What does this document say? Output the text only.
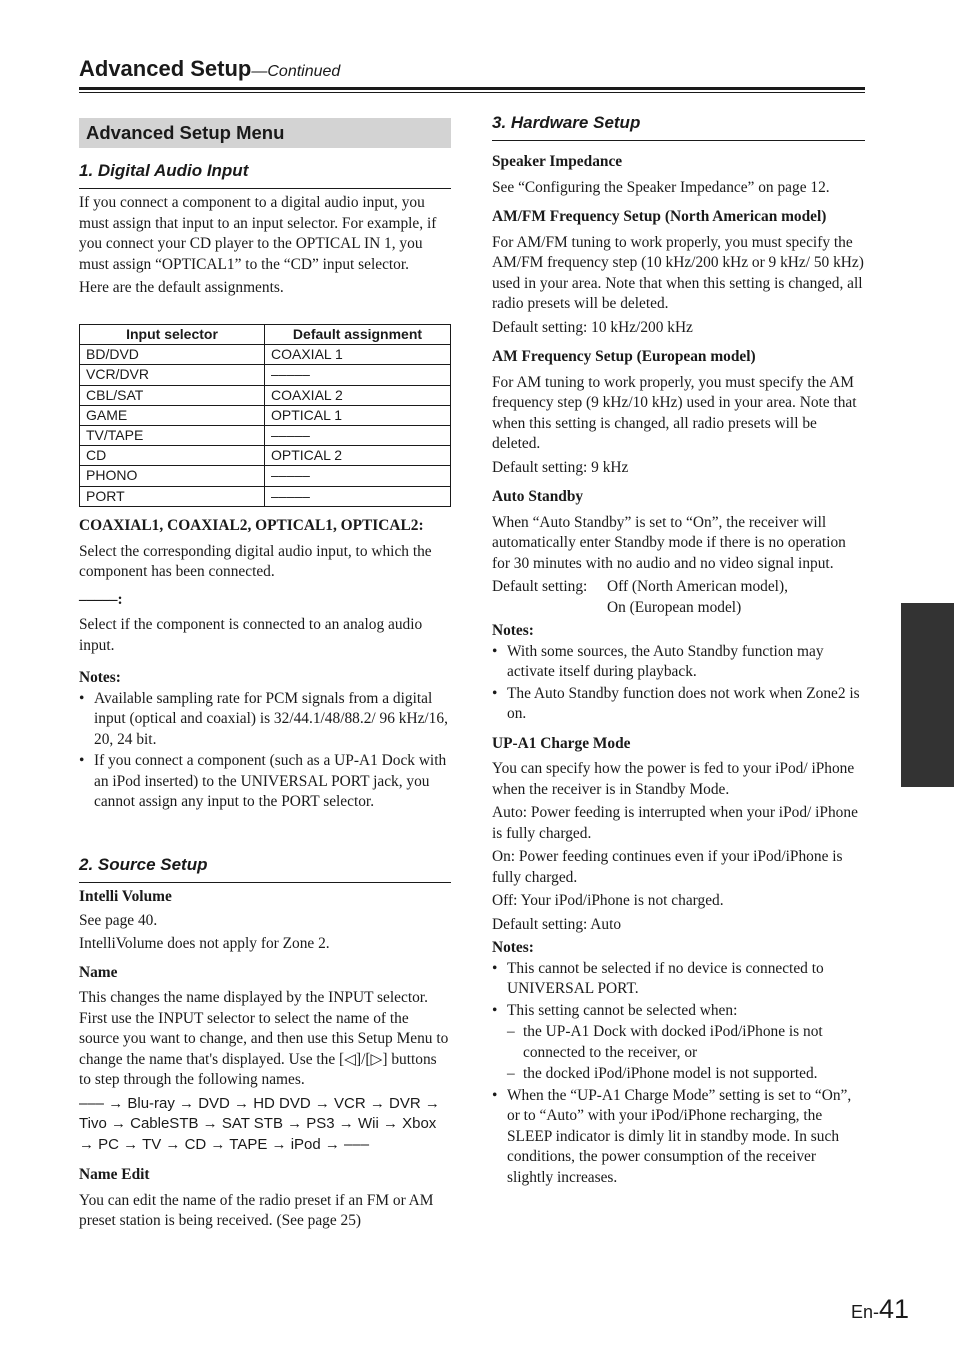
Advanced Setup—Continued
Advanced Setup Menu
1. Digital Audio Input

If you connect a component to a digital audio input, you must assign that input to an input selector. For example, if you connect your CD player to the OPTICAL IN 1, you must assign “OPTICAL1” to the “CD” input selector.

Here are the default assignments.

Input selector	Default assignment
BD/DVD	COAXIAL 1
VCR/DVR	–––––
CBL/SAT	COAXIAL 2
GAME	OPTICAL 1
TV/TAPE	–––––
CD	OPTICAL 2
PHONO	–––––
PORT	–––––

COAXIAL1, COAXIAL2, OPTICAL1, OPTICAL2:

Select the corresponding digital audio input, to which the component has been connected.

–––––:

Select if the component is connected to an analog audio input.

Notes:

• Available sampling rate for PCM signals from a digital input (optical and coaxial) is 32/44.1/48/88.2/ 96 kHz/16, 20, 24 bit.

• If you connect a component (such as a UP-A1 Dock with an iPod inserted) to the UNIVERSAL PORT jack, you cannot assign any input to the PORT selector.

2. Source Setup

Intelli Volume

See page 40.

IntelliVolume does not apply for Zone 2.

Name

This changes the name displayed by the INPUT selector. First use the INPUT selector to select the name of the source you want to change, and then use this Setup Menu to change the name that's displayed. Use the [◁]/[▷] buttons to step through the following names.

––– → Blu-ray → DVD → HD DVD → VCR → DVR → Tivo → CableSTB → SAT STB → PS3 → Wii → Xbox → PC → TV → CD → TAPE → iPod → –––

Name Edit

You can edit the name of the radio preset if an FM or AM preset station is being received. (See page 25)

3. Hardware Setup

Speaker Impedance

See “Configuring the Speaker Impedance” on page 12.

AM/FM Frequency Setup (North American model)

For AM/FM tuning to work properly, you must specify the AM/FM frequency step (10 kHz/200 kHz or 9 kHz/ 50 kHz) used in your area. Note that when this setting is changed, all radio presets will be deleted.

Default setting: 10 kHz/200 kHz

AM Frequency Setup (European model)

For AM tuning to work properly, you must specify the AM frequency step (9 kHz/10 kHz) used in your area. Note that when this setting is changed, all radio presets will be deleted.

Default setting: 9 kHz

Auto Standby

When “Auto Standby” is set to “On”, the receiver will automatically enter Standby mode if there is no operation for 30 minutes with no audio and no video signal input.

Default setting:	Off (North American model),
On (European model)

Notes:

• With some sources, the Auto Standby function may activate itself during playback.

• The Auto Standby function does not work when Zone2 is on.

UP-A1 Charge Mode

You can specify how the power is fed to your iPod/ iPhone when the receiver is in Standby Mode.

Auto: Power feeding is interrupted when your iPod/ iPhone is fully charged.

On: Power feeding continues even if your iPod/iPhone is fully charged.

Off: Your iPod/iPhone is not charged.

Default setting: Auto

Notes:

• This cannot be selected if no device is connected to UNIVERSAL PORT.

• This setting cannot be selected when:

– the UP-A1 Dock with docked iPod/iPhone is not connected to the receiver, or

– the docked iPod/iPhone model is not supported.

• When the “UP-A1 Charge Mode” setting is set to “On”, or to “Auto” with your iPod/iPhone recharging, the SLEEP indicator is dimly lit in standby mode. In such conditions, the power consumption of the receiver slightly increases.

En-41
